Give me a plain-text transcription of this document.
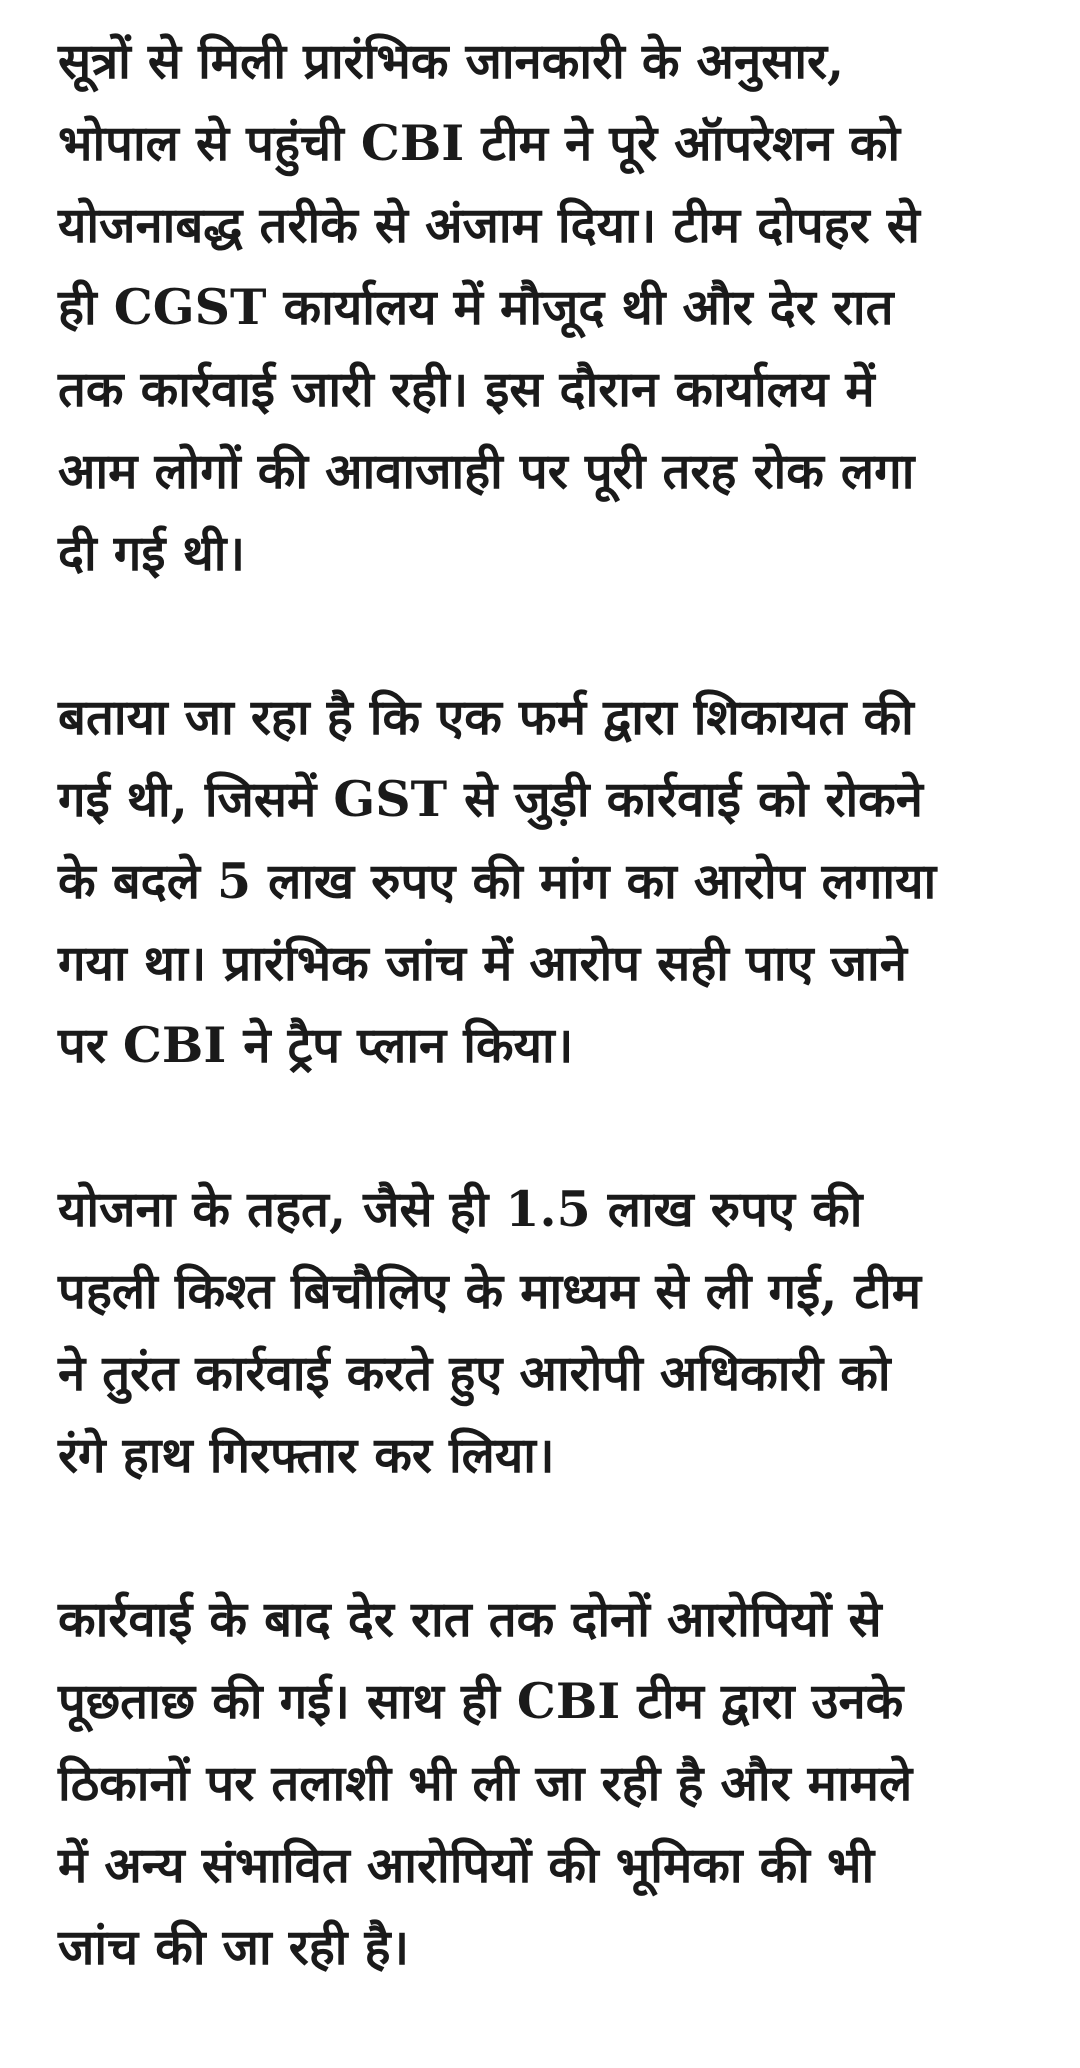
सूत्रों से मिली प्रारंभिक जानकारी के अनुसार,
भोपाल से पहुंची CBI टीम ने पूरे ऑपरेशन को
योजनाबद्ध तरीके से अंजाम दिया। टीम दोपहर से
ही CGST कार्यालय में मौजूद थी और देर रात
तक कार्रवाई जारी रही। इस दौरान कार्यालय में
आम लोगों की आवाजाही पर पूरी तरह रोक लगा
दी गई थी।
बताया जा रहा है कि एक फर्म द्वारा शिकायत की
गई थी, जिसमें GST से जुड़ी कार्रवाई को रोकने
के बदले 5 लाख रुपए की मांग का आरोप लगाया
गया था। प्रारंभिक जांच में आरोप सही पाए जाने
पर CBI ने ट्रैप प्लान किया।
योजना के तहत, जैसे ही 1.5 लाख रुपए की
पहली किश्त बिचौलिए के माध्यम से ली गई, टीम
ने तुरंत कार्रवाई करते हुए आरोपी अधिकारी को
रंगे हाथ गिरफ्तार कर लिया।
कार्रवाई के बाद देर रात तक दोनों आरोपियों से
पूछताछ की गई। साथ ही CBI टीम द्वारा उनके
ठिकानों पर तलाशी भी ली जा रही है और मामले
में अन्य संभावित आरोपियों की भूमिका की भी
जांच की जा रही है।
